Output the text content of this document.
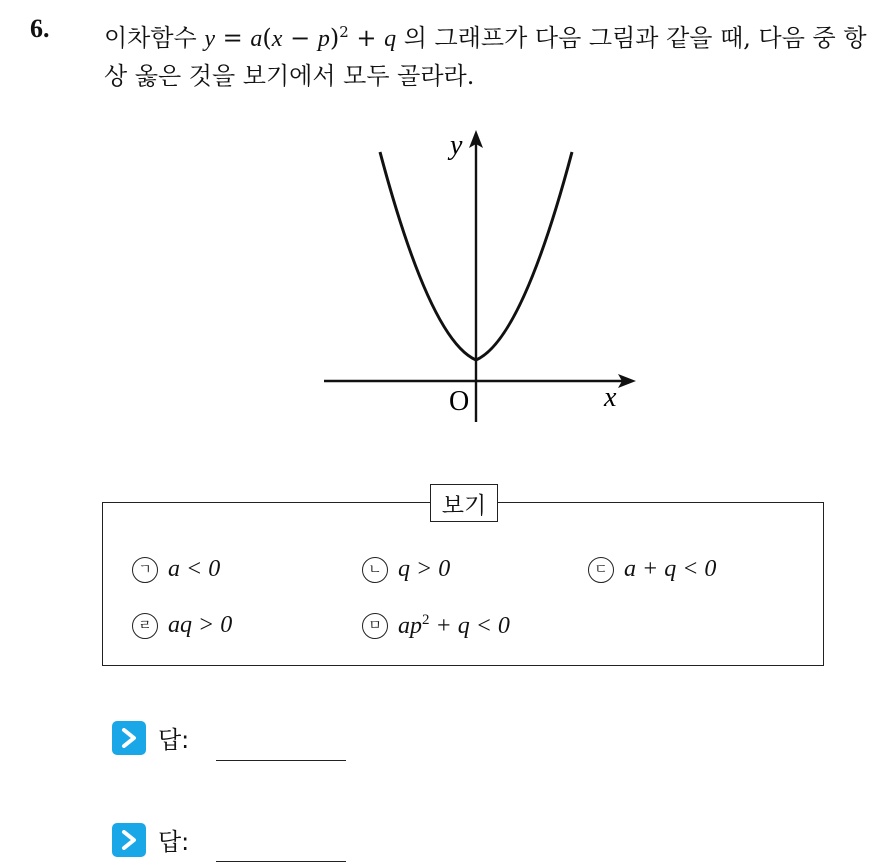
6. 이차함수 $y = a(x - p)^2 + q$ 의 그래프가 다음 그림과 같을 때, 다음 중 항상 옳은 것을 보기에서 모두 골라라.
y
x
O
보기
ㄱ a < 0	ㄴ q > 0	ㄷ a + q < 0
ㄹ aq > 0	ㅁ $ap^2 + q < 0$
답:
답:
